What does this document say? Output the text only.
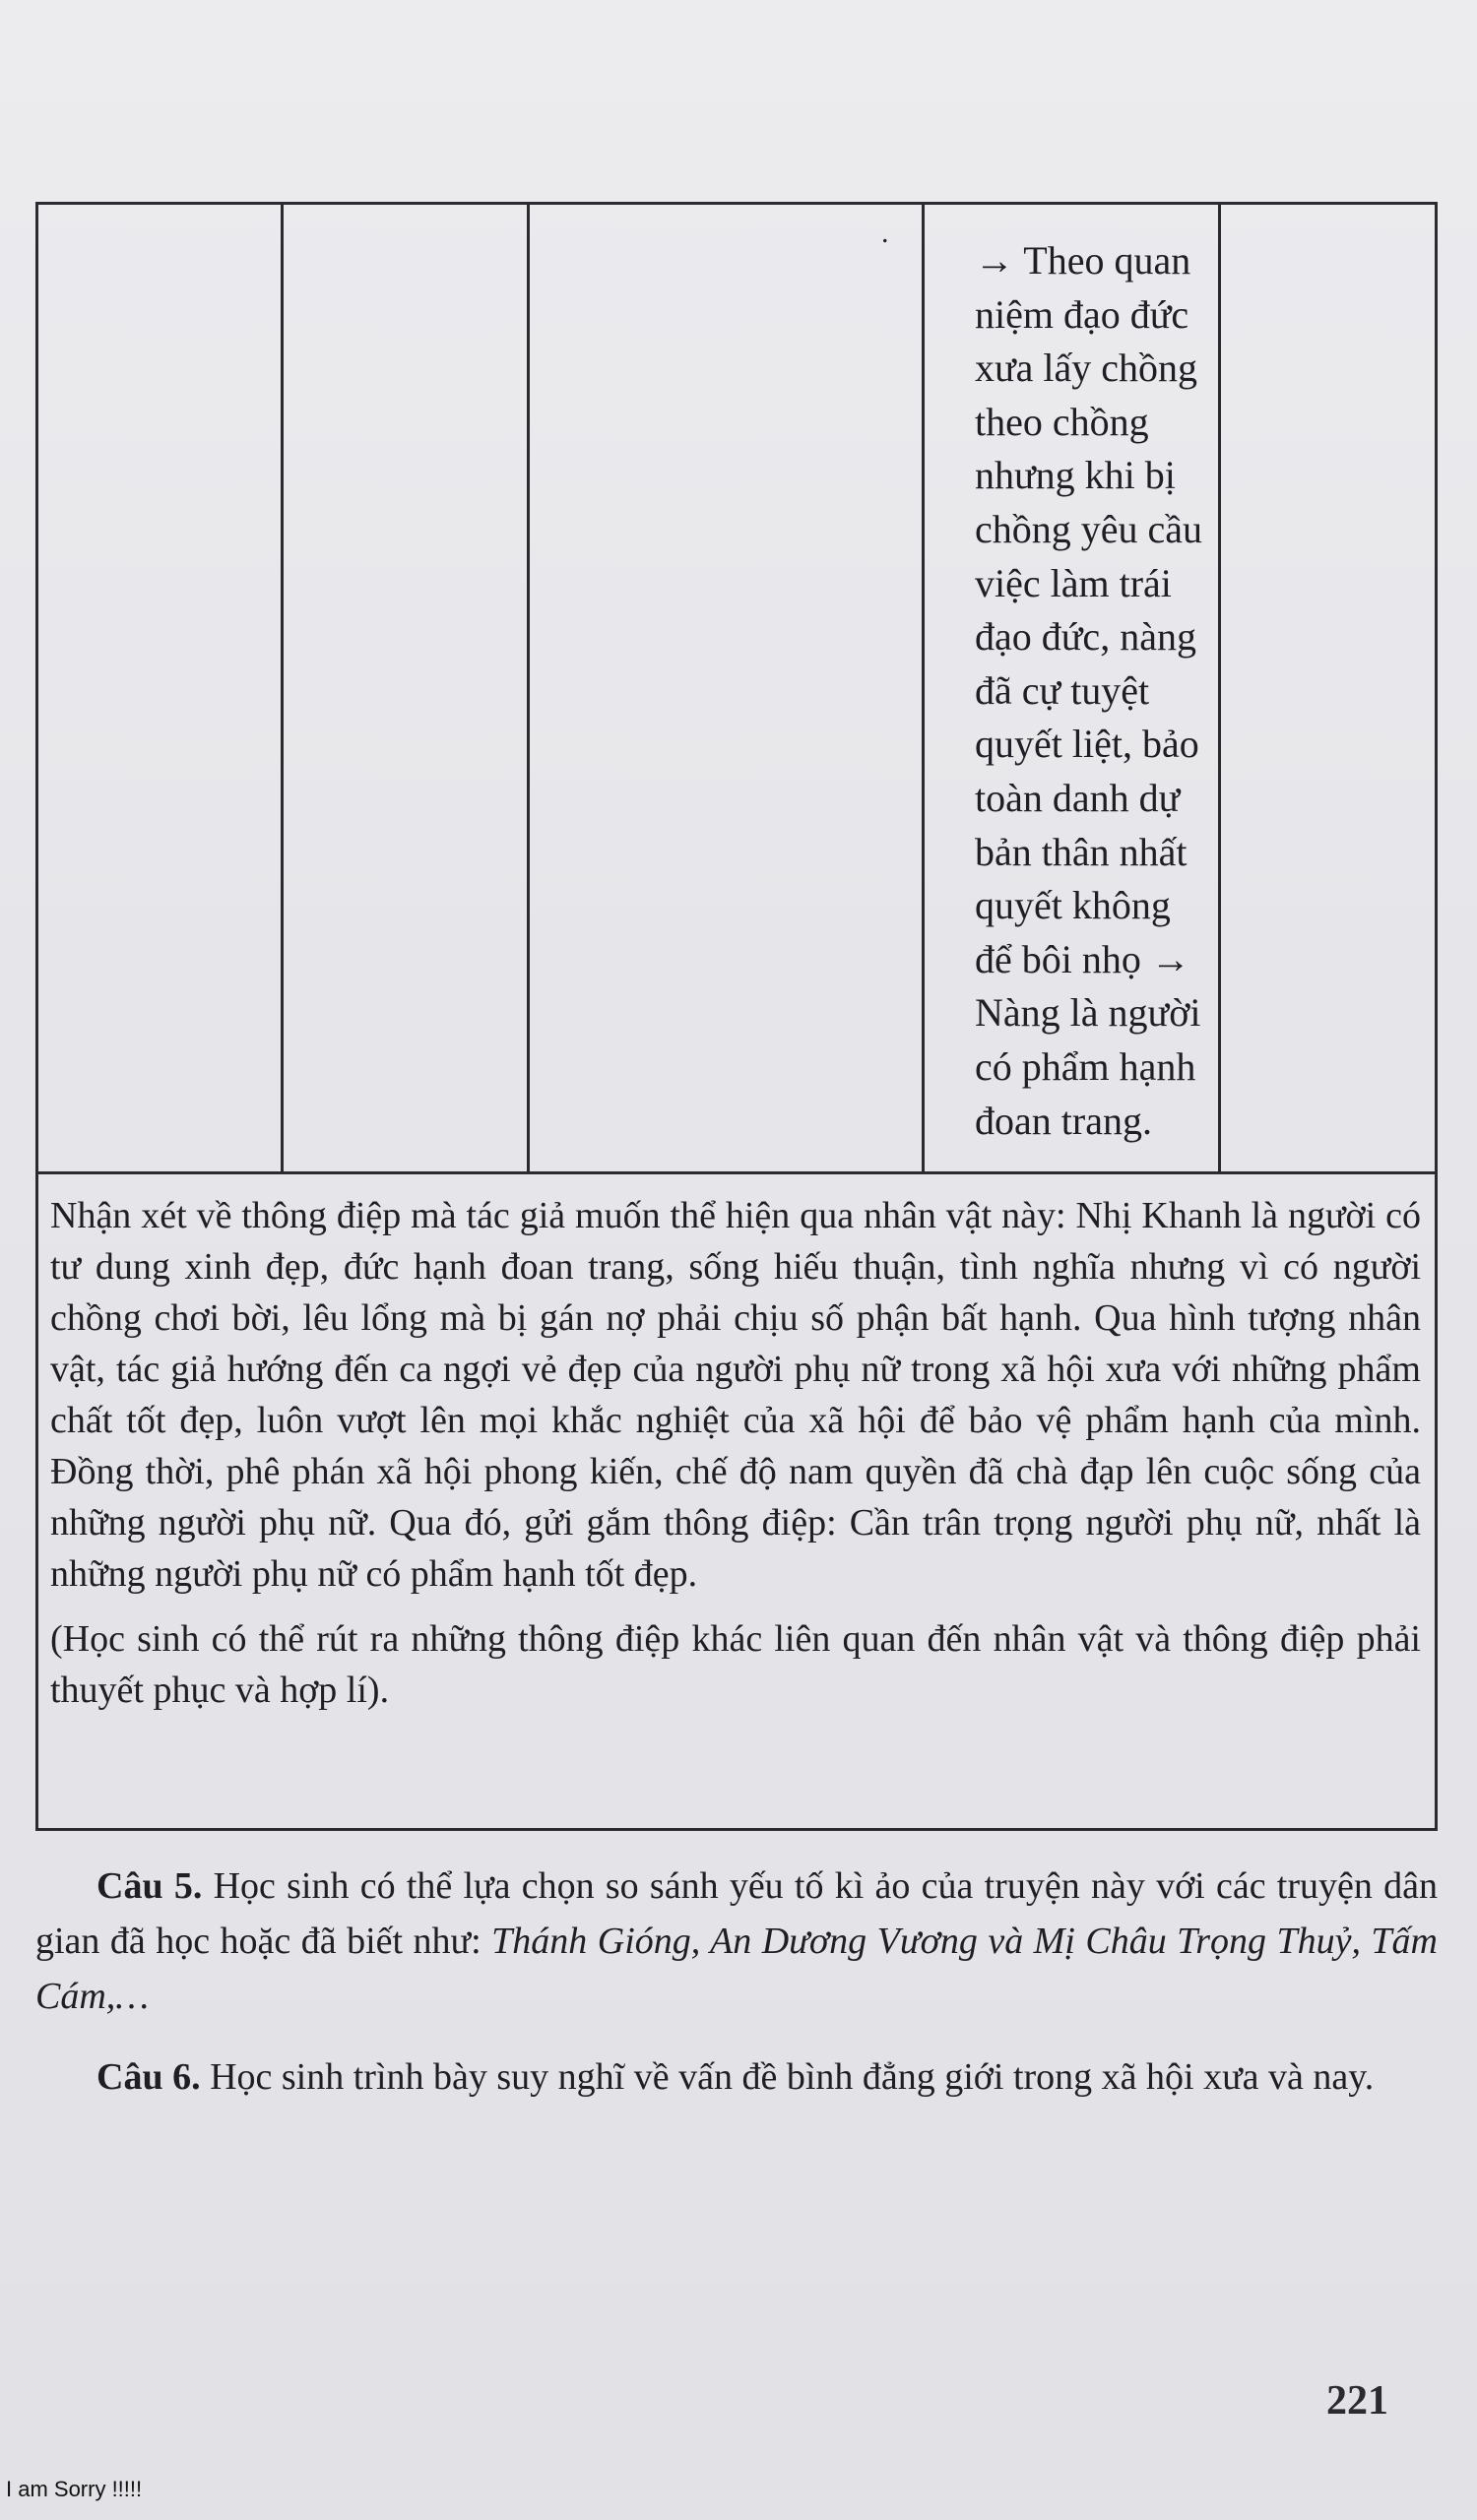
.
→ Theo quan
niệm đạo đức
xưa lấy chồng
theo chồng
nhưng khi bị
chồng yêu cầu
việc làm trái
đạo đức, nàng
đã cự tuyệt
quyết liệt, bảo
toàn danh dự
bản thân nhất
quyết không
để bôi nhọ →
Nàng là người
có phẩm hạnh
đoan trang.

Nhận xét về thông điệp mà tác giả muốn thể hiện qua nhân vật này: Nhị Khanh là người có tư dung xinh đẹp, đức hạnh đoan trang, sống hiếu thuận, tình nghĩa nhưng vì có người chồng chơi bời, lêu lổng mà bị gán nợ phải chịu số phận bất hạnh. Qua hình tượng nhân vật, tác giả hướng đến ca ngợi vẻ đẹp của người phụ nữ trong xã hội xưa với những phẩm chất tốt đẹp, luôn vượt lên mọi khắc nghiệt của xã hội để bảo vệ phẩm hạnh của mình. Đồng thời, phê phán xã hội phong kiến, chế độ nam quyền đã chà đạp lên cuộc sống của những người phụ nữ. Qua đó, gửi gắm thông điệp: Cần trân trọng người phụ nữ, nhất là những người phụ nữ có phẩm hạnh tốt đẹp.

(Học sinh có thể rút ra những thông điệp khác liên quan đến nhân vật và thông điệp phải thuyết phục và hợp lí).

Câu 5. Học sinh có thể lựa chọn so sánh yếu tố kì ảo của truyện này với các truyện dân gian đã học hoặc đã biết như: Thánh Gióng, An Dương Vương và Mị Châu Trọng Thuỷ, Tấm Cám,…
Câu 6. Học sinh trình bày suy nghĩ về vấn đề bình đẳng giới trong xã hội xưa và nay.
221
I am Sorry !!!!!
